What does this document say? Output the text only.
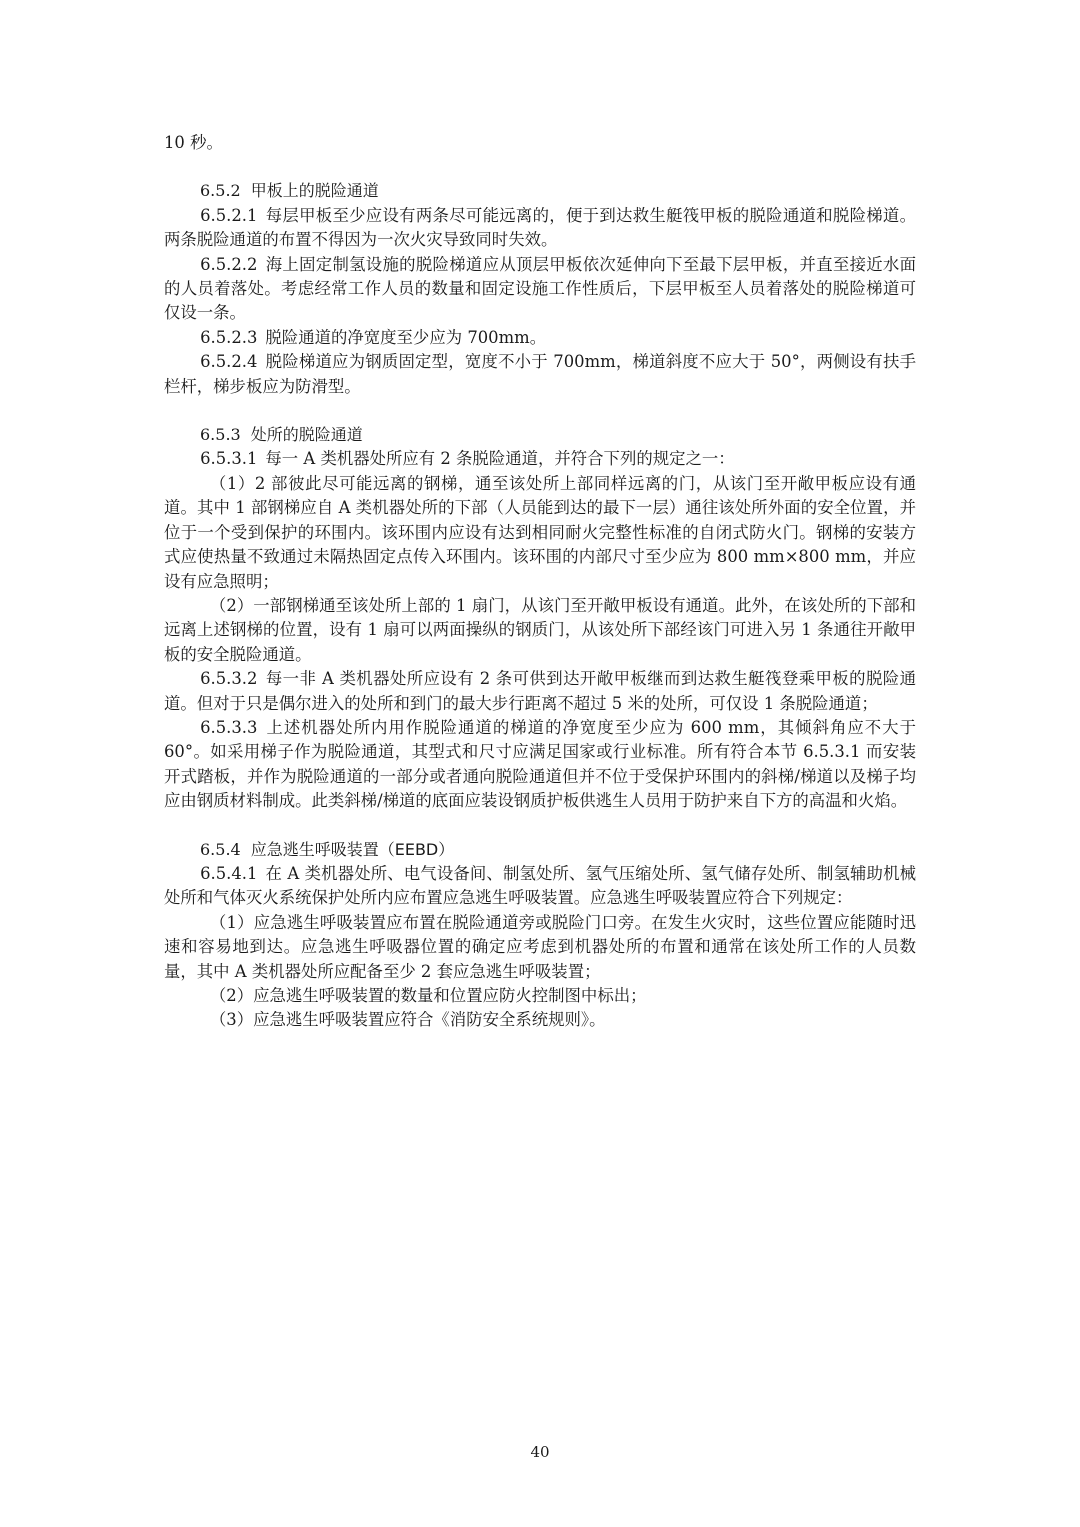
10 秒。

6.5.2 甲板上的脱险通道

6.5.2.1 每层甲板至少应设有两条尽可能远离的，便于到达救生艇筏甲板的脱险通道和脱险梯道。两条脱险通道的布置不得因为一次火灾导致同时失效。

6.5.2.2 海上固定制氢设施的脱险梯道应从顶层甲板依次延伸向下至最下层甲板，并直至接近水面的人员着落处。考虑经常工作人员的数量和固定设施工作性质后，下层甲板至人员着落处的脱险梯道可仅设一条。

6.5.2.3 脱险通道的净宽度至少应为 700mm。

6.5.2.4 脱险梯道应为钢质固定型，宽度不小于 700mm，梯道斜度不应大于 50°，两侧设有扶手栏杆，梯步板应为防滑型。

6.5.3 处所的脱险通道

6.5.3.1 每一 A 类机器处所应有 2 条脱险通道，并符合下列的规定之一：

（1）2 部彼此尽可能远离的钢梯，通至该处所上部同样远离的门，从该门至开敞甲板应设有通道。其中 1 部钢梯应自 A 类机器处所的下部（人员能到达的最下一层）通往该处所外面的安全位置，并位于一个受到保护的环围内。该环围内应设有达到相同耐火完整性标准的自闭式防火门。钢梯的安装方式应使热量不致通过未隔热固定点传入环围内。该环围的内部尺寸至少应为 800 mm×800 mm，并应设有应急照明；

（2）一部钢梯通至该处所上部的 1 扇门，从该门至开敞甲板设有通道。此外，在该处所的下部和远离上述钢梯的位置，设有 1 扇可以两面操纵的钢质门，从该处所下部经该门可进入另 1 条通往开敞甲板的安全脱险通道。

6.5.3.2 每一非 A 类机器处所应设有 2 条可供到达开敞甲板继而到达救生艇筏登乘甲板的脱险通道。但对于只是偶尔进入的处所和到门的最大步行距离不超过 5 米的处所，可仅设 1 条脱险通道；

6.5.3.3 上述机器处所内用作脱险通道的梯道的净宽度至少应为 600 mm，其倾斜角应不大于 60°。如采用梯子作为脱险通道，其型式和尺寸应满足国家或行业标准。所有符合本节 6.5.3.1 而安装开式踏板，并作为脱险通道的一部分或者通向脱险通道但并不位于受保护环围内的斜梯/梯道以及梯子均应由钢质材料制成。此类斜梯/梯道的底面应装设钢质护板供逃生人员用于防护来自下方的高温和火焰。

6.5.4 应急逃生呼吸装置（EEBD）

6.5.4.1 在 A 类机器处所、电气设备间、制氢处所、氢气压缩处所、氢气储存处所、制氢辅助机械处所和气体灭火系统保护处所内应布置应急逃生呼吸装置。应急逃生呼吸装置应符合下列规定：

（1）应急逃生呼吸装置应布置在脱险通道旁或脱险门口旁。在发生火灾时，这些位置应能随时迅速和容易地到达。应急逃生呼吸器位置的确定应考虑到机器处所的布置和通常在该处所工作的人员数量，其中 A 类机器处所应配备至少 2 套应急逃生呼吸装置；

（2）应急逃生呼吸装置的数量和位置应防火控制图中标出；

（3）应急逃生呼吸装置应符合《消防安全系统规则》。

40
